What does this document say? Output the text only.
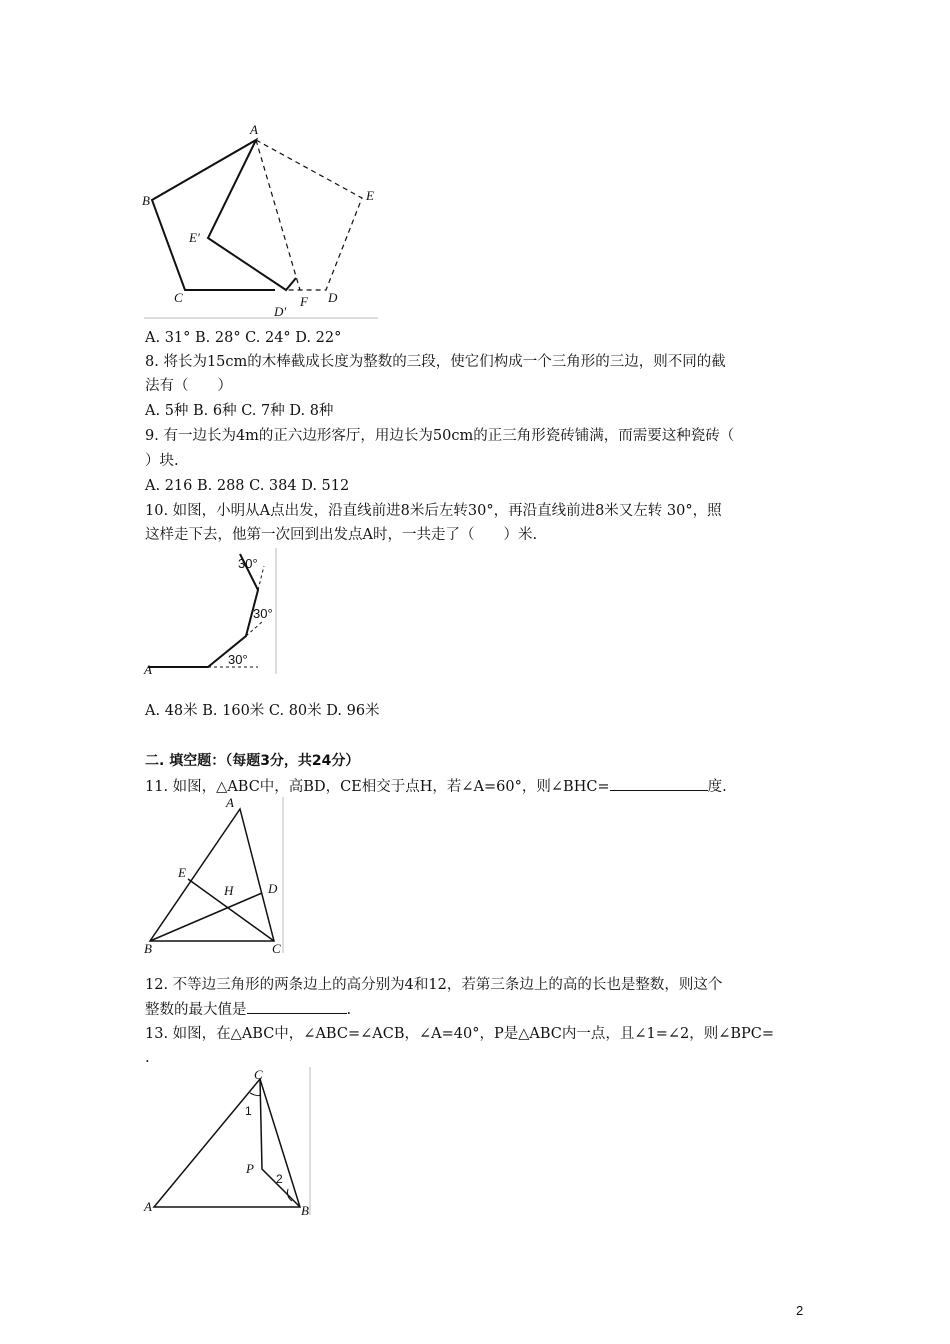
A
B
C	D
E
E′
D′
F
A. 31° B. 28° C. 24° D. 22°
8. 将长为15cm的木棒截成长度为整数的三段，使它们构成一个三角形的三边，则不同的截
法有（　　）
A. 5种 B. 6种 C. 7种 D. 8种
9. 有一边长为4m的正六边形客厅，用边长为50cm的正三角形瓷砖铺满，而需要这种瓷砖（
）块.
A. 216 B. 288 C. 384 D. 512
10. 如图，小明从A点出发，沿直线前进8米后左转30°，再沿直线前进8米又左转 30°，照
这样走下去，他第一次回到出发点A时，一共走了（　　）米.
A
30°
30°
30°
A. 48米 B. 160米 C. 80米 D. 96米
二. 填空题：（每题3分，共24分）
11. 如图，△ABC中，高BD，CE相交于点H，若∠A=60°，则∠BHC=	度.
A
B	C
D
E
H
12. 不等边三角形的两条边上的高分别为4和12，若第三条边上的高的长也是整数，则这个
整数的最大值是	.
13. 如图，在△ABC中，∠ABC=∠ACB，∠A=40°，P是△ABC内一点，且∠1=∠2，则∠BPC=
.
C
A	B
P
1
2
2
